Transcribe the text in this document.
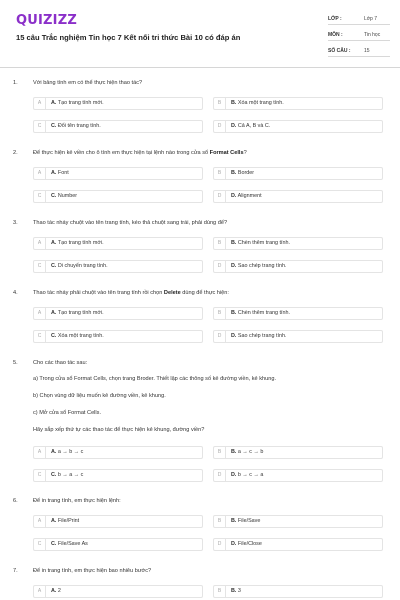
QUIZIZZ
15 câu Trắc nghiệm Tin học 7 Kết nối tri thức Bài 10 có đáp án
LỚP :	Lớp 7
MÔN :	Tin học
SỐ CÂU :	15
1.	Với bảng tính em có thể thực hiện thao tác?
A	A. Tạo trang tính mới.	B	B. Xóa một trang tính.
C	C. Đổi tên trang tính.	D	D. Cả A, B và C.
2.	Để thực hiện kẻ viền cho ô tính em thực hiện tại lệnh nào trong cửa sổ Format Cells?
A	A. Font	B	B. Border
C	C. Number	D	D. Alignment
3.	Thao tác nháy chuột vào tên trang tính, kéo thả chuột sang trái, phải dùng để?
A	A. Tạo trang tính mới.	B	B. Chèn thêm trang tính.
C	C. Di chuyển trang tính.	D	D. Sao chép trang tính.
4.	Thao tác nháy phải chuột vào tên trang tính rồi chọn Delete dùng để thực hiện:
A	A. Tạo trang tính mới.	B	B. Chèn thêm trang tính.
C	C. Xóa một trang tính.	D	D. Sao chép trang tính.
5.	Cho các thao tác sau:
a) Trong cửa sổ Format Cells, chọn trang Broder. Thiết lập các thông số kẻ đường viền, kẻ khung.
b) Chọn vùng dữ liệu muốn kẻ đường viền, kẻ khung.
c) Mở cửa sổ Format Cells.
Hãy sắp xếp thứ tự các thao tác để thực hiện kẻ khung, đường viền?
A	A. a → b → c	B	B. a → c → b
C	C. b → a → c	D	D. b → c → a
6.	Để in trang tính, em thực hiện lệnh:
A	A. File/Print	B	B. File/Save
C	C. File/Save As	D	D. File/Close
7.	Để in trang tính, em thực hiện bao nhiêu bước?
A	A. 2	B	B. 3
